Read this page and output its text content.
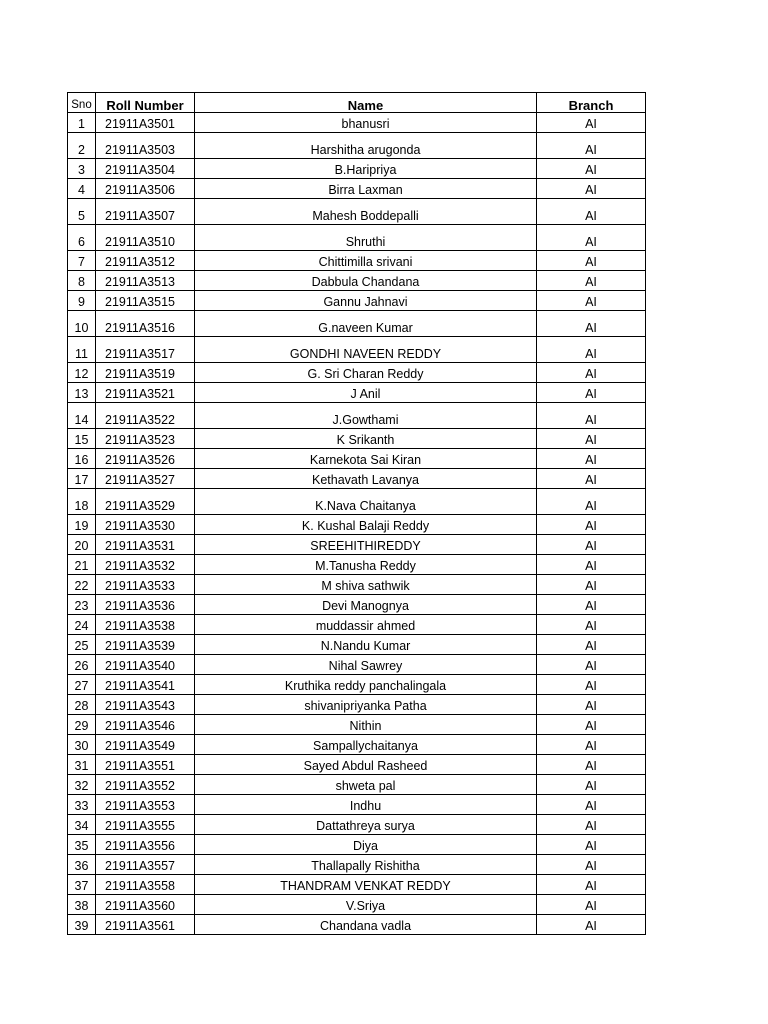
Sno	Roll Number	Name	Branch
1	21911A3501	bhanusri	AI
2	21911A3503	Harshitha arugonda	AI
3	21911A3504	B.Haripriya	AI
4	21911A3506	Birra Laxman	AI
5	21911A3507	Mahesh Boddepalli	AI
6	21911A3510	Shruthi	AI
7	21911A3512	Chittimilla srivani	AI
8	21911A3513	Dabbula Chandana	AI
9	21911A3515	Gannu Jahnavi	AI
10	21911A3516	G.naveen Kumar	AI
11	21911A3517	GONDHI NAVEEN REDDY	AI
12	21911A3519	G. Sri Charan Reddy	AI
13	21911A3521	J Anil	AI
14	21911A3522	J.Gowthami	AI
15	21911A3523	K Srikanth	AI
16	21911A3526	Karnekota Sai Kiran	AI
17	21911A3527	Kethavath Lavanya	AI
18	21911A3529	K.Nava Chaitanya	AI
19	21911A3530	K. Kushal Balaji Reddy	AI
20	21911A3531	SREEHITHIREDDY	AI
21	21911A3532	M.Tanusha Reddy	AI
22	21911A3533	M shiva sathwik	AI
23	21911A3536	Devi Manognya	AI
24	21911A3538	muddassir ahmed	AI
25	21911A3539	N.Nandu Kumar	AI
26	21911A3540	Nihal Sawrey	AI
27	21911A3541	Kruthika reddy panchalingala	AI
28	21911A3543	shivanipriyanka Patha	AI
29	21911A3546	Nithin	AI
30	21911A3549	Sampallychaitanya	AI
31	21911A3551	Sayed Abdul Rasheed	AI
32	21911A3552	shweta pal	AI
33	21911A3553	Indhu	AI
34	21911A3555	Dattathreya surya	AI
35	21911A3556	Diya	AI
36	21911A3557	Thallapally Rishitha	AI
37	21911A3558	THANDRAM VENKAT REDDY	AI
38	21911A3560	V.Sriya	AI
39	21911A3561	Chandana vadla	AI
